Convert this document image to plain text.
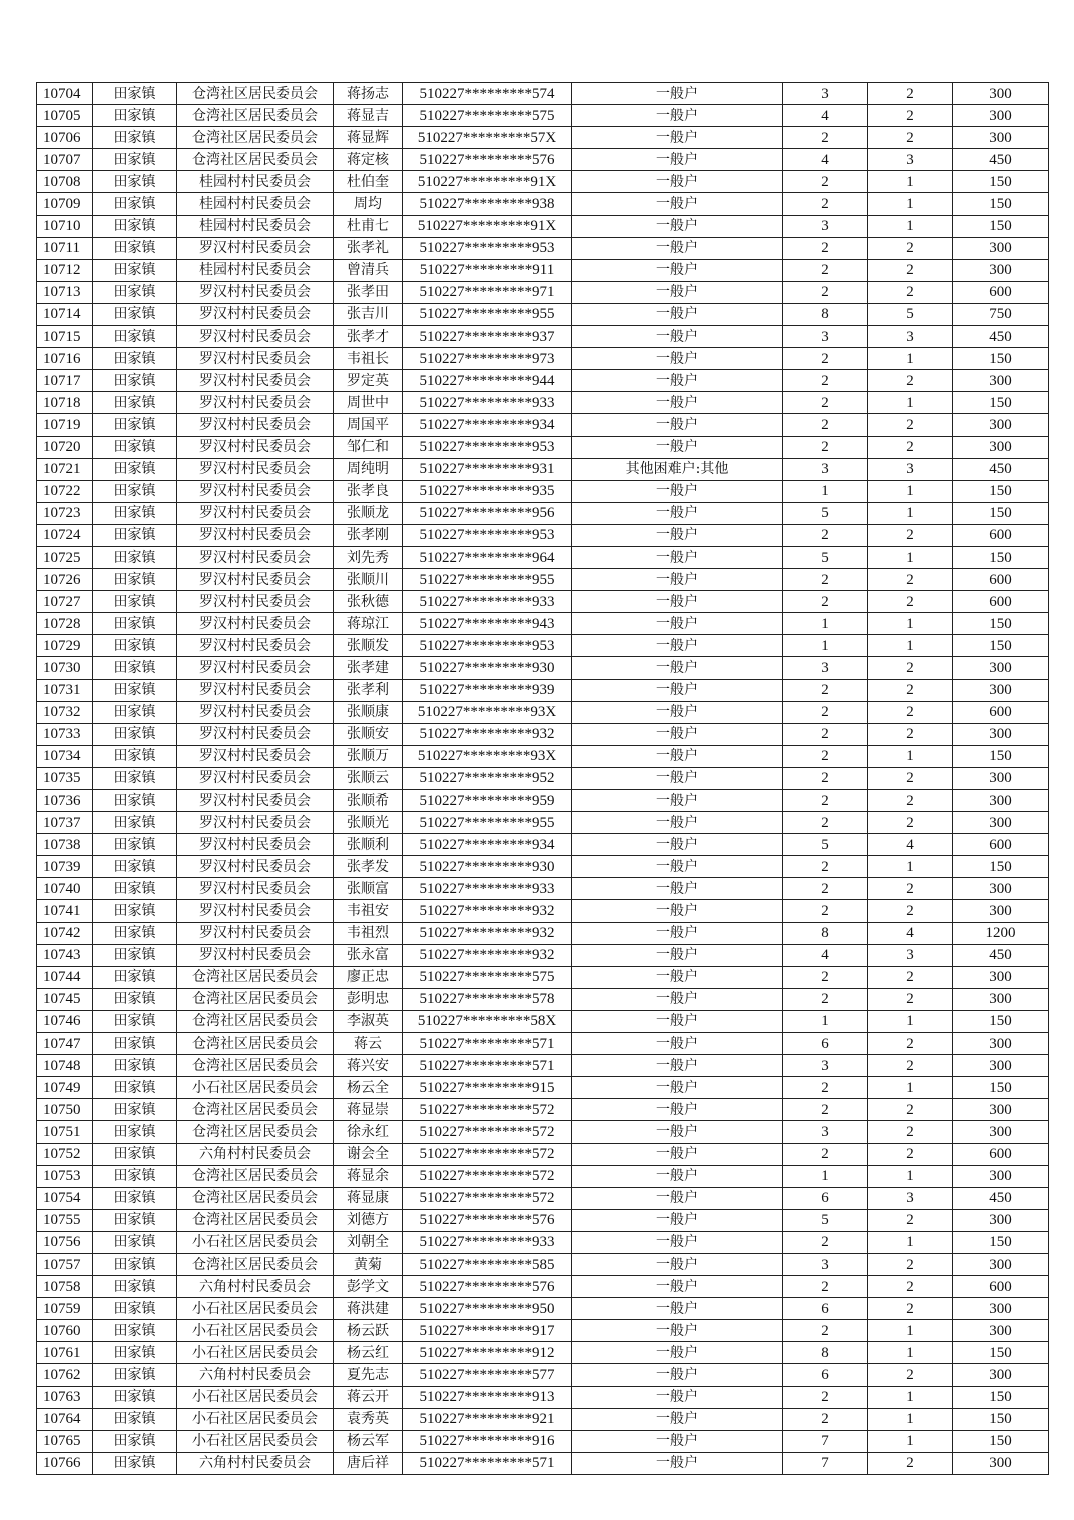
10704	田家镇	仓湾社区居民委员会	蒋扬志	510227*********574	一般户	3	2	300
10705	田家镇	仓湾社区居民委员会	蒋显吉	510227*********575	一般户	4	2	300
10706	田家镇	仓湾社区居民委员会	蒋显辉	510227*********57X	一般户	2	2	300
10707	田家镇	仓湾社区居民委员会	蒋定核	510227*********576	一般户	4	3	450
10708	田家镇	桂园村村民委员会	杜伯奎	510227*********91X	一般户	2	1	150
10709	田家镇	桂园村村民委员会	周均	510227*********938	一般户	2	1	150
10710	田家镇	桂园村村民委员会	杜甫七	510227*********91X	一般户	3	1	150
10711	田家镇	罗汉村村民委员会	张孝礼	510227*********953	一般户	2	2	300
10712	田家镇	桂园村村民委员会	曾清兵	510227*********911	一般户	2	2	300
10713	田家镇	罗汉村村民委员会	张孝田	510227*********971	一般户	2	2	600
10714	田家镇	罗汉村村民委员会	张吉川	510227*********955	一般户	8	5	750
10715	田家镇	罗汉村村民委员会	张孝才	510227*********937	一般户	3	3	450
10716	田家镇	罗汉村村民委员会	韦祖长	510227*********973	一般户	2	1	150
10717	田家镇	罗汉村村民委员会	罗定英	510227*********944	一般户	2	2	300
10718	田家镇	罗汉村村民委员会	周世中	510227*********933	一般户	2	1	150
10719	田家镇	罗汉村村民委员会	周国平	510227*********934	一般户	2	2	300
10720	田家镇	罗汉村村民委员会	邹仁和	510227*********953	一般户	2	2	300
10721	田家镇	罗汉村村民委员会	周纯明	510227*********931	其他困难户:其他	3	3	450
10722	田家镇	罗汉村村民委员会	张孝良	510227*********935	一般户	1	1	150
10723	田家镇	罗汉村村民委员会	张顺龙	510227*********956	一般户	5	1	150
10724	田家镇	罗汉村村民委员会	张孝刚	510227*********953	一般户	2	2	600
10725	田家镇	罗汉村村民委员会	刘先秀	510227*********964	一般户	5	1	150
10726	田家镇	罗汉村村民委员会	张顺川	510227*********955	一般户	2	2	600
10727	田家镇	罗汉村村民委员会	张秋德	510227*********933	一般户	2	2	600
10728	田家镇	罗汉村村民委员会	蒋琼江	510227*********943	一般户	1	1	150
10729	田家镇	罗汉村村民委员会	张顺发	510227*********953	一般户	1	1	150
10730	田家镇	罗汉村村民委员会	张孝建	510227*********930	一般户	3	2	300
10731	田家镇	罗汉村村民委员会	张孝利	510227*********939	一般户	2	2	300
10732	田家镇	罗汉村村民委员会	张顺康	510227*********93X	一般户	2	2	600
10733	田家镇	罗汉村村民委员会	张顺安	510227*********932	一般户	2	2	300
10734	田家镇	罗汉村村民委员会	张顺万	510227*********93X	一般户	2	1	150
10735	田家镇	罗汉村村民委员会	张顺云	510227*********952	一般户	2	2	300
10736	田家镇	罗汉村村民委员会	张顺希	510227*********959	一般户	2	2	300
10737	田家镇	罗汉村村民委员会	张顺光	510227*********955	一般户	2	2	300
10738	田家镇	罗汉村村民委员会	张顺利	510227*********934	一般户	5	4	600
10739	田家镇	罗汉村村民委员会	张孝发	510227*********930	一般户	2	1	150
10740	田家镇	罗汉村村民委员会	张顺富	510227*********933	一般户	2	2	300
10741	田家镇	罗汉村村民委员会	韦祖安	510227*********932	一般户	2	2	300
10742	田家镇	罗汉村村民委员会	韦祖烈	510227*********932	一般户	8	4	1200
10743	田家镇	罗汉村村民委员会	张永富	510227*********932	一般户	4	3	450
10744	田家镇	仓湾社区居民委员会	廖正忠	510227*********575	一般户	2	2	300
10745	田家镇	仓湾社区居民委员会	彭明忠	510227*********578	一般户	2	2	300
10746	田家镇	仓湾社区居民委员会	李淑英	510227*********58X	一般户	1	1	150
10747	田家镇	仓湾社区居民委员会	蒋云	510227*********571	一般户	6	2	300
10748	田家镇	仓湾社区居民委员会	蒋兴安	510227*********571	一般户	3	2	300
10749	田家镇	小石社区居民委员会	杨云全	510227*********915	一般户	2	1	150
10750	田家镇	仓湾社区居民委员会	蒋显崇	510227*********572	一般户	2	2	300
10751	田家镇	仓湾社区居民委员会	徐永红	510227*********572	一般户	3	2	300
10752	田家镇	六角村村民委员会	谢会全	510227*********572	一般户	2	2	600
10753	田家镇	仓湾社区居民委员会	蒋显余	510227*********572	一般户	1	1	300
10754	田家镇	仓湾社区居民委员会	蒋显康	510227*********572	一般户	6	3	450
10755	田家镇	仓湾社区居民委员会	刘德方	510227*********576	一般户	5	2	300
10756	田家镇	小石社区居民委员会	刘朝全	510227*********933	一般户	2	1	150
10757	田家镇	仓湾社区居民委员会	黄菊	510227*********585	一般户	3	2	300
10758	田家镇	六角村村民委员会	彭学文	510227*********576	一般户	2	2	600
10759	田家镇	小石社区居民委员会	蒋洪建	510227*********950	一般户	6	2	300
10760	田家镇	小石社区居民委员会	杨云跃	510227*********917	一般户	2	1	300
10761	田家镇	小石社区居民委员会	杨云红	510227*********912	一般户	8	1	150
10762	田家镇	六角村村民委员会	夏先志	510227*********577	一般户	6	2	300
10763	田家镇	小石社区居民委员会	蒋云开	510227*********913	一般户	2	1	150
10764	田家镇	小石社区居民委员会	袁秀英	510227*********921	一般户	2	1	150
10765	田家镇	小石社区居民委员会	杨云军	510227*********916	一般户	7	1	150
10766	田家镇	六角村村民委员会	唐后祥	510227*********571	一般户	7	2	300
